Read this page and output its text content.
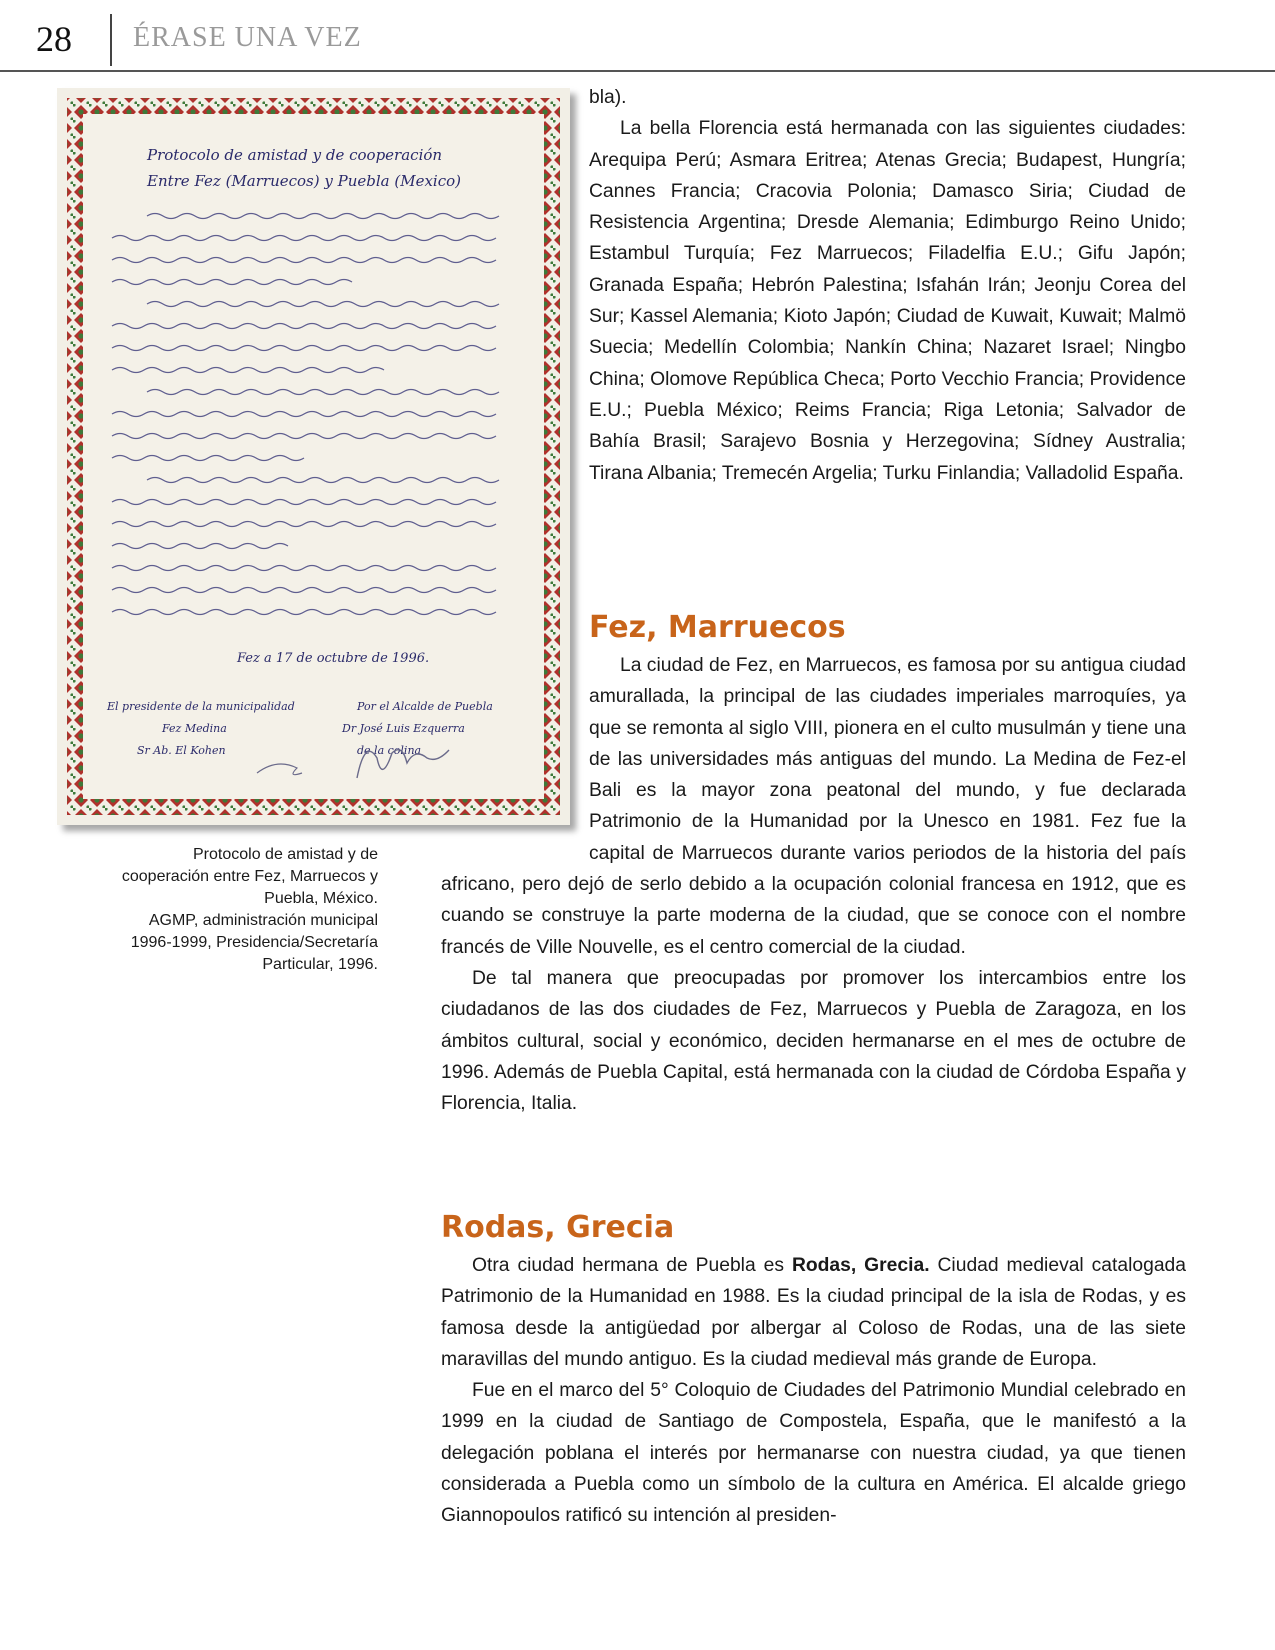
28 ÉRASE UNA VEZ
Protocolo de amistad y de cooperación
Entre Fez (Marruecos) y Puebla (Mexico)
Fez a 17 de octubre de 1996.
El presidente de la municipalidad
Fez Medina
Sr Ab. El Kohen
Por el Alcalde de Puebla
Dr José Luis Ezquerra
de la colina
Protocolo de amistad y de
cooperación entre Fez, Marruecos y
Puebla, México.
AGMP, administración municipal
1996-1999, Presidencia/Secretaría
Particular, 1996.

bla).

La bella Florencia está hermanada con las siguientes ciudades: Arequipa Perú; Asmara Eritrea; Atenas Grecia; Budapest, Hungría; Cannes Francia; Cracovia Polonia; Damasco Siria; Ciudad de Resistencia Argentina; Dresde Alemania; Edimburgo Reino Unido; Estambul Turquía; Fez Marruecos; Filadelfia E.U.; Gifu Japón; Granada España; Hebrón Palestina; Isfahán Irán; Jeonju Corea del Sur; Kassel Alemania; Kioto Japón; Ciudad de Kuwait, Kuwait; Malmö Suecia; Medellín Colombia; Nankín China; Nazaret Israel; Ningbo China; Olomove República Checa; Porto Vecchio Francia; Providence E.U.; Puebla México; Reims Francia; Riga Letonia; Salvador de Bahía Brasil; Sarajevo Bosnia y Herzegovina; Sídney Australia; Tirana Albania; Tremecén Argelia; Turku Finlandia; Valladolid España.

Fez, Marruecos

La ciudad de Fez, en Marruecos, es famosa por su antigua ciudad amurallada, la principal de las ciudades imperiales marroquíes, ya que se remonta al siglo VIII, pionera en el culto musulmán y tiene una de las universidades más antiguas del mundo. La Medina de Fez-el Bali es la mayor zona peatonal del mundo, y fue declarada Patrimonio de la Humanidad por la Unesco en 1981. Fez fue la capital de Marruecos durante varios periodos de la historia del país africano, pero dejó de serlo debido a la ocupación colonial francesa en 1912, que es cuando se construye la parte moderna de la ciudad, que se conoce con el nombre francés de Ville Nouvelle, es el centro comercial de la ciudad.

De tal manera que preocupadas por promover los intercambios entre los ciudadanos de las dos ciudades de Fez, Marruecos y Puebla de Zaragoza, en los ámbitos cultural, social y económico, deciden hermanarse en el mes de octubre de 1996. Además de Puebla Capital, está hermanada con la ciudad de Córdoba España y Florencia, Italia.

Rodas, Grecia

Otra ciudad hermana de Puebla es Rodas, Grecia. Ciudad medieval catalogada Patrimonio de la Humanidad en 1988. Es la ciudad principal de la isla de Rodas, y es famosa desde la antigüedad por albergar al Coloso de Rodas, una de las siete maravillas del mundo antiguo. Es la ciudad medieval más grande de Europa.

Fue en el marco del 5° Coloquio de Ciudades del Patrimonio Mundial celebrado en 1999 en la ciudad de Santiago de Compostela, España, que le manifestó a la delegación poblana el interés por hermanarse con nuestra ciudad, ya que tienen considerada a Puebla como un símbolo de la cultura en América. El alcalde griego Giannopoulos ratificó su intención al presiden-
